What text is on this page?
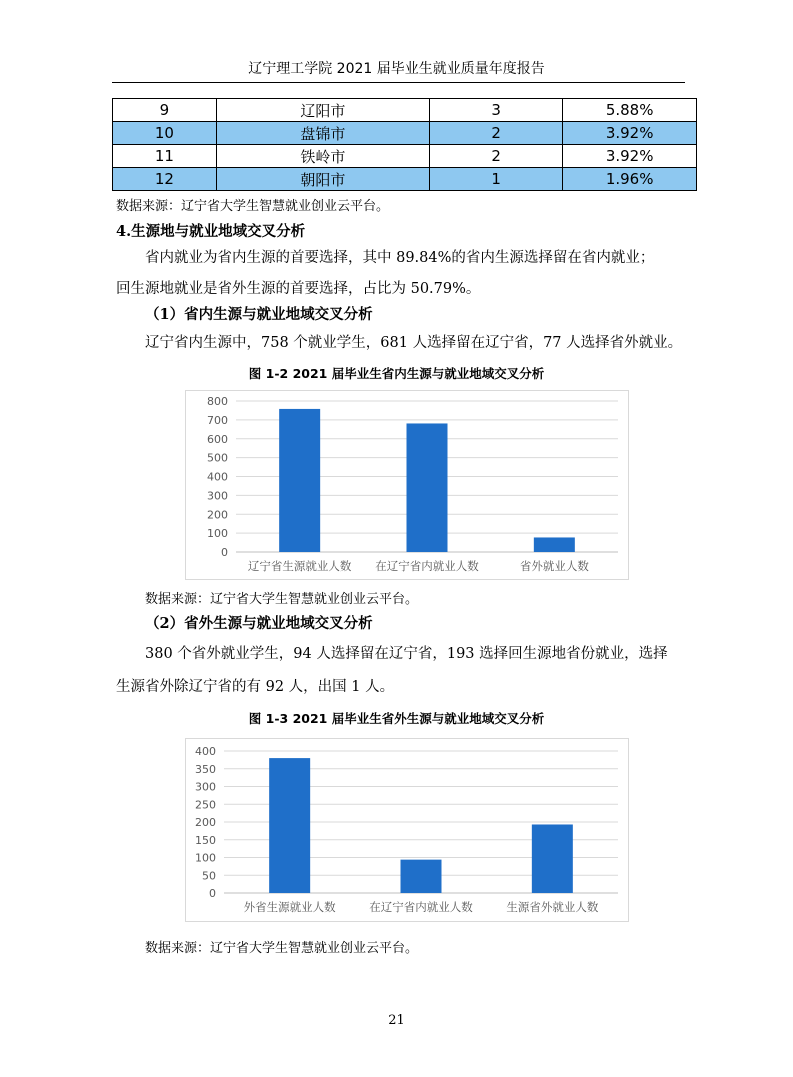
辽宁理工学院 2021 届毕业生就业质量年度报告
9	辽阳市	3	5.88%
10	盘锦市	2	3.92%
11	铁岭市	2	3.92%
12	朝阳市	1	1.96%
数据来源：辽宁省大学生智慧就业创业云平台。
4.生源地与就业地域交叉分析
省内就业为省内生源的首要选择，其中 89.84%的省内生源选择留在省内就业；
回生源地就业是省外生源的首要选择，占比为 50.79%。
（1）省内生源与就业地域交叉分析
辽宁省内生源中，758 个就业学生，681 人选择留在辽宁省，77 人选择省外就业。
图 1-2 2021 届毕业生省内生源与就业地域交叉分析
0
100
200
300
400
500
600
700
800
辽宁省生源就业人数 在辽宁省内就业人数	省外就业人数
数据来源：辽宁省大学生智慧就业创业云平台。
（2）省外生源与就业地域交叉分析
380 个省外就业学生，94 人选择留在辽宁省，193 选择回生源地省份就业，选择
生源省外除辽宁省的有 92 人，出国 1 人。
图 1-3 2021 届毕业生省外生源与就业地域交叉分析
0
50
100
150
200
250
300
350
400
外省生源就业人数	在辽宁省内就业人数	生源省外就业人数
数据来源：辽宁省大学生智慧就业创业云平台。
21
